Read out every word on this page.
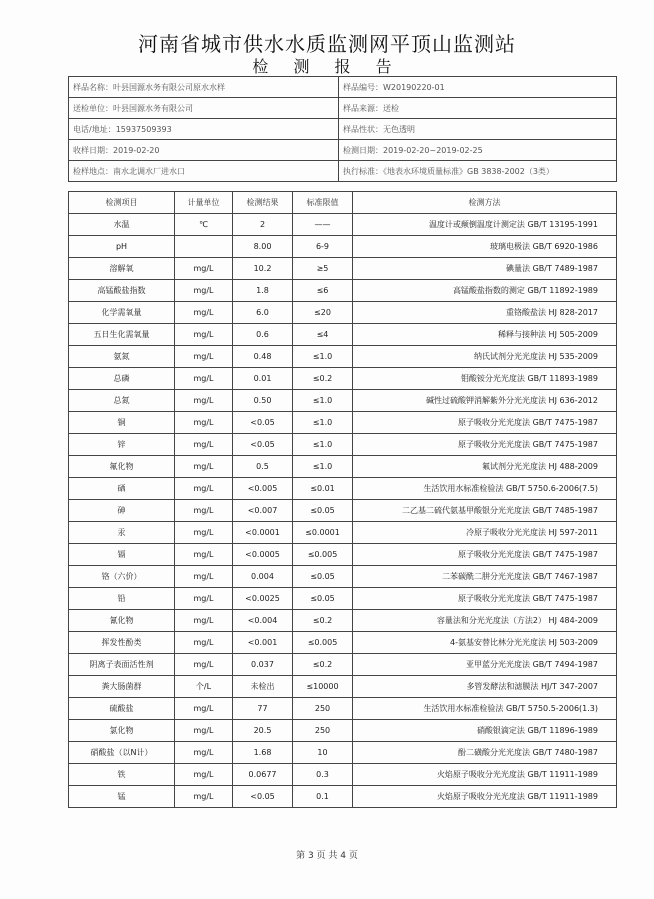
河南省城市供水水质监测网平顶山监测站
检 测 报 告
样品名称：叶县国源水务有限公司原水水样	样品编号：W20190220-01
送检单位：叶县国源水务有限公司	样品来源：送检
电话/地址：15937509393	样品性状：无色透明
收样日期：2019-02-20	检测日期：2019-02-20~2019-02-25
检样地点：南水北调水厂进水口	执行标准：《地表水环境质量标准》GB 3838-2002（3类）
检测项目	计量单位	检测结果	标准限值	检测方法
水温	℃	2	——	温度计或颠倒温度计测定法 GB/T 13195-1991
pH		8.00	6-9	玻璃电极法 GB/T 6920-1986
溶解氧	mg/L	10.2	≥5	碘量法 GB/T 7489-1987
高锰酸盐指数	mg/L	1.8	≤6	高锰酸盐指数的测定 GB/T 11892-1989
化学需氧量	mg/L	6.0	≤20	重铬酸盐法 HJ 828-2017
五日生化需氧量	mg/L	0.6	≤4	稀释与接种法 HJ 505-2009
氨氮	mg/L	0.48	≤1.0	纳氏试剂分光光度法 HJ 535-2009
总磷	mg/L	0.01	≤0.2	钼酸铵分光光度法 GB/T 11893-1989
总氮	mg/L	0.50	≤1.0	碱性过硫酸钾消解紫外分光光度法 HJ 636-2012
铜	mg/L	<0.05	≤1.0	原子吸收分光光度法 GB/T 7475-1987
锌	mg/L	<0.05	≤1.0	原子吸收分光光度法 GB/T 7475-1987
氟化物	mg/L	0.5	≤1.0	氟试剂分光光度法 HJ 488-2009
硒	mg/L	<0.005	≤0.01	生活饮用水标准检验法 GB/T 5750.6-2006(7.5)
砷	mg/L	<0.007	≤0.05	二乙基二硫代氨基甲酸银分光光度法 GB/T 7485-1987
汞	mg/L	<0.0001	≤0.0001	冷原子吸收分光光度法 HJ 597-2011
镉	mg/L	<0.0005	≤0.005	原子吸收分光光度法 GB/T 7475-1987
铬（六价）	mg/L	0.004	≤0.05	二苯碳酰二肼分光光度法 GB/T 7467-1987
铅	mg/L	<0.0025	≤0.05	原子吸收分光光度法 GB/T 7475-1987
氰化物	mg/L	<0.004	≤0.2	容量法和分光光度法（方法2） HJ 484-2009
挥发性酚类	mg/L	<0.001	≤0.005	4-氨基安替比林分光光度法 HJ 503-2009
阴离子表面活性剂	mg/L	0.037	≤0.2	亚甲蓝分光光度法 GB/T 7494-1987
粪大肠菌群	个/L	未检出	≤10000	多管发酵法和滤膜法 HJ/T 347-2007
硫酸盐	mg/L	77	250	生活饮用水标准检验法 GB/T 5750.5-2006(1.3)
氯化物	mg/L	20.5	250	硝酸银滴定法 GB/T 11896-1989
硝酸盐（以N计）	mg/L	1.68	10	酚二磺酸分光光度法 GB/T 7480-1987
铁	mg/L	0.0677	0.3	火焰原子吸收分光光度法 GB/T 11911-1989
锰	mg/L	<0.05	0.1	火焰原子吸收分光光度法 GB/T 11911-1989
第 3 页 共 4 页
